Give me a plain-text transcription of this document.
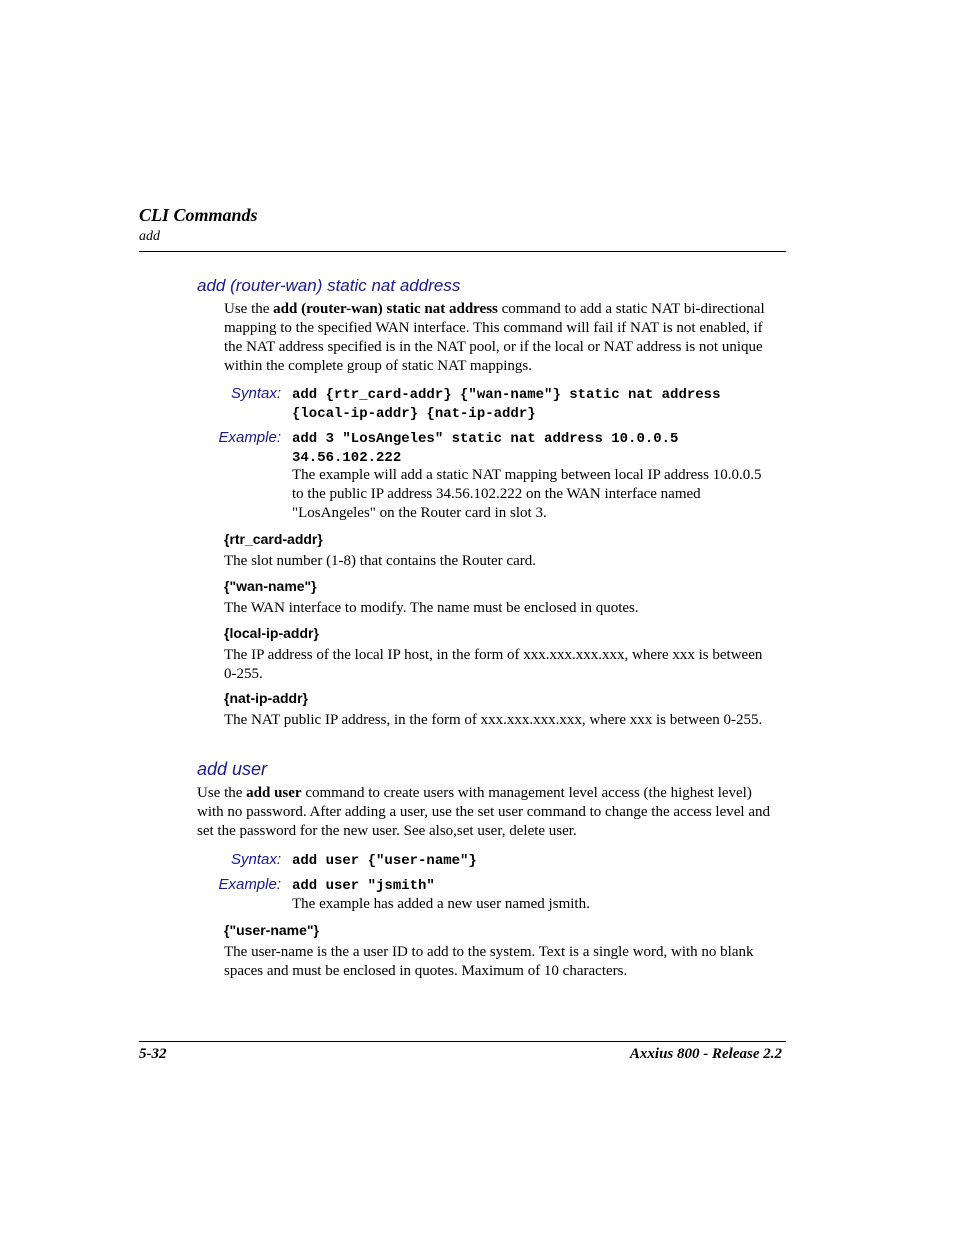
CLI Commands
add
add (router-wan) static nat address
Use the add (router-wan) static nat address command to add a static NAT bi-directional
mapping to the specified WAN interface. This command will fail if NAT is not enabled, if
the NAT address specified is in the NAT pool, or if the local or NAT address is not unique
within the complete group of static NAT mappings.
Syntax: add {rtr_card-addr} {"wan-name"} static nat address
{local-ip-addr} {nat-ip-addr}
Example: add 3 "LosAngeles" static nat address 10.0.0.5
34.56.102.222
The example will add a static NAT mapping between local IP address 10.0.0.5
to the public IP address 34.56.102.222 on the WAN interface named
"LosAngeles" on the Router card in slot 3.
{rtr_card-addr}
The slot number (1-8) that contains the Router card.
{"wan-name"}
The WAN interface to modify. The name must be enclosed in quotes.
{local-ip-addr}
The IP address of the local IP host, in the form of xxx.xxx.xxx.xxx, where xxx is between
0-255.
{nat-ip-addr}
The NAT public IP address, in the form of xxx.xxx.xxx.xxx, where xxx is between 0-255.
add user
Use the add user command to create users with management level access (the highest level)
with no password. After adding a user, use the set user command to change the access level and
set the password for the new user. See also,set user, delete user.
Syntax: add user {"user-name"}
Example: add user "jsmith"
The example has added a new user named jsmith.
{"user-name"}
The user-name is the a user ID to add to the system. Text is a single word, with no blank
spaces and must be enclosed in quotes. Maximum of 10 characters.
5-32	Axxius 800 - Release 2.2
